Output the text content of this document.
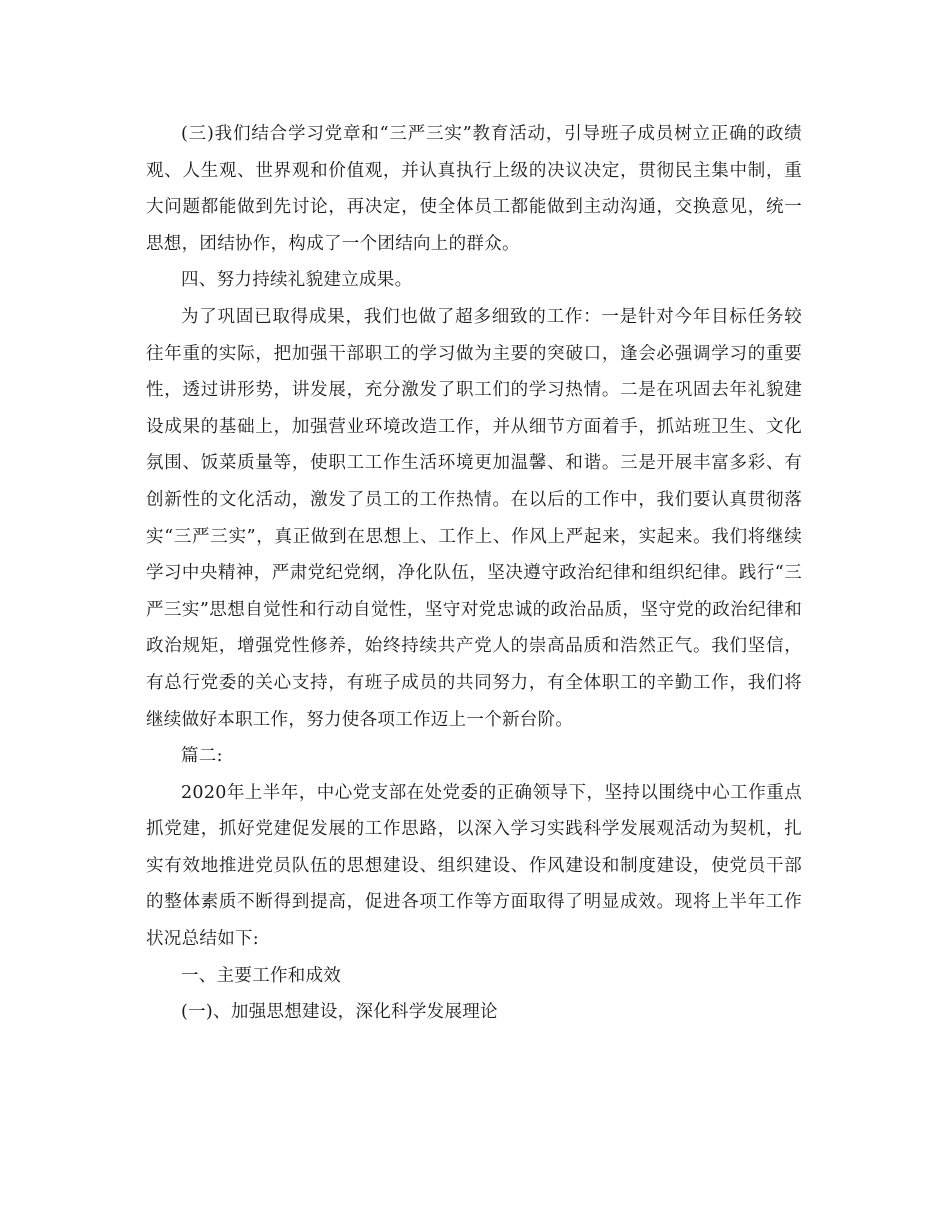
(三)我们结合学习党章和“三严三实”教育活动，引导班子成员树立正确的政绩观、人生观、世界观和价值观，并认真执行上级的决议决定，贯彻民主集中制，重大问题都能做到先讨论，再决定，使全体员工都能做到主动沟通，交换意见，统一思想，团结协作，构成了一个团结向上的群众。

四、努力持续礼貌建立成果。

为了巩固已取得成果，我们也做了超多细致的工作：一是针对今年目标任务较往年重的实际，把加强干部职工的学习做为主要的突破口，逢会必强调学习的重要性，透过讲形势，讲发展，充分激发了职工们的学习热情。二是在巩固去年礼貌建设成果的基础上，加强营业环境改造工作，并从细节方面着手，抓站班卫生、文化氛围、饭菜质量等，使职工工作生活环境更加温馨、和谐。三是开展丰富多彩、有创新性的文化活动，激发了员工的工作热情。在以后的工作中，我们要认真贯彻落实“三严三实”，真正做到在思想上、工作上、作风上严起来，实起来。我们将继续学习中央精神，严肃党纪党纲，净化队伍，坚决遵守政治纪律和组织纪律。践行“三严三实”思想自觉性和行动自觉性，坚守对党忠诚的政治品质，坚守党的政治纪律和政治规矩，增强党性修养，始终持续共产党人的崇高品质和浩然正气。我们坚信，有总行党委的关心支持，有班子成员的共同努力，有全体职工的辛勤工作，我们将继续做好本职工作，努力使各项工作迈上一个新台阶。

篇二:

2020年上半年，中心党支部在处党委的正确领导下，坚持以围绕中心工作重点抓党建，抓好党建促发展的工作思路，以深入学习实践科学发展观活动为契机，扎实有效地推进党员队伍的思想建设、组织建设、作风建设和制度建设，使党员干部的整体素质不断得到提高，促进各项工作等方面取得了明显成效。现将上半年工作状况总结如下:

一、主要工作和成效

(一)、加强思想建设，深化科学发展理论
